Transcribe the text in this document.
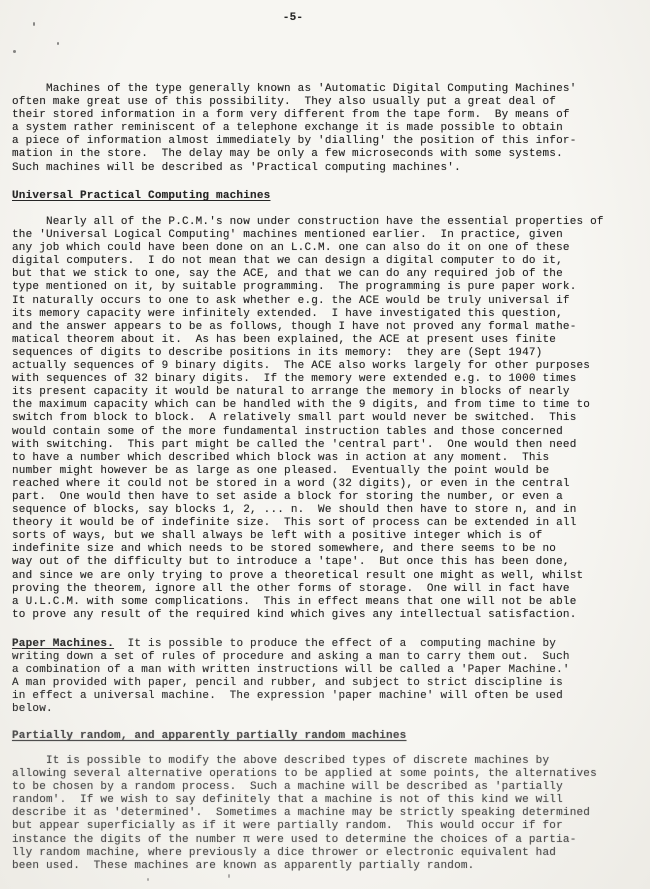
-5-
Machines of the type generally known as 'Automatic Digital Computing Machines'
often make great use of this possibility.  They also usually put a great deal of
their stored information in a form very different from the tape form.  By means of
a system rather reminiscent of a telephone exchange it is made possible to obtain
a piece of information almost immediately by 'dialling' the position of this infor-
mation in the store.  The delay may be only a few microseconds with some systems.
Such machines will be described as 'Practical computing machines'.
Universal Practical Computing machines
Nearly all of the P.C.M.'s now under construction have the essential properties of
the 'Universal Logical Computing' machines mentioned earlier.  In practice, given
any job which could have been done on an L.C.M. one can also do it on one of these
digital computers.  I do not mean that we can design a digital computer to do it,
but that we stick to one, say the ACE, and that we can do any required job of the
type mentioned on it, by suitable programming.  The programming is pure paper work.
It naturally occurs to one to ask whether e.g. the ACE would be truly universal if
its memory capacity were infinitely extended.  I have investigated this question,
and the answer appears to be as follows, though I have not proved any formal mathe-
matical theorem about it.  As has been explained, the ACE at present uses finite
sequences of digits to describe positions in its memory:  they are (Sept 1947)
actually sequences of 9 binary digits.  The ACE also works largely for other purposes
with sequences of 32 binary digits.  If the memory were extended e.g. to 1000 times
its present capacity it would be natural to arrange the memory in blocks of nearly
the maximum capacity which can be handled with the 9 digits, and from time to time to
switch from block to block.  A relatively small part would never be switched.  This
would contain some of the more fundamental instruction tables and those concerned
with switching.  This part might be called the 'central part'.  One would then need
to have a number which described which block was in action at any moment.  This
number might however be as large as one pleased.  Eventually the point would be
reached where it could not be stored in a word (32 digits), or even in the central
part.  One would then have to set aside a block for storing the number, or even a
sequence of blocks, say blocks 1, 2, ... n.  We should then have to store n, and in
theory it would be of indefinite size.  This sort of process can be extended in all
sorts of ways, but we shall always be left with a positive integer which is of
indefinite size and which needs to be stored somewhere, and there seems to be no
way out of the difficulty but to introduce a 'tape'.  But once this has been done,
and since we are only trying to prove a theoretical result one might as well, whilst
proving the theorem, ignore all the other forms of storage.  One will in fact have
a U.L.C.M. with some complications.  This in effect means that one will not be able
to prove any result of the required kind which gives any intellectual satisfaction.
Paper Machines.  It is possible to produce the effect of a  computing machine by
writing down a set of rules of procedure and asking a man to carry them out.  Such
a combination of a man with written instructions will be called a 'Paper Machine.'
A man provided with paper, pencil and rubber, and subject to strict discipline is
in effect a universal machine.  The expression 'paper machine' will often be used
below.
Partially random, and apparently partially random machines
It is possible to modify the above described types of discrete machines by
allowing several alternative operations to be applied at some points, the alternatives
to be chosen by a random process.  Such a machine will be described as 'partially
random'.  If we wish to say definitely that a machine is not of this kind we will
describe it as 'determined'.  Sometimes a machine may be strictly speaking determined
but appear superficially as if it were partially random.  This would occur if for
instance the digits of the number π were used to determine the choices of a partia-
lly random machine, where previously a dice thrower or electronic equivalent had
been used.  These machines are known as apparently partially random.
